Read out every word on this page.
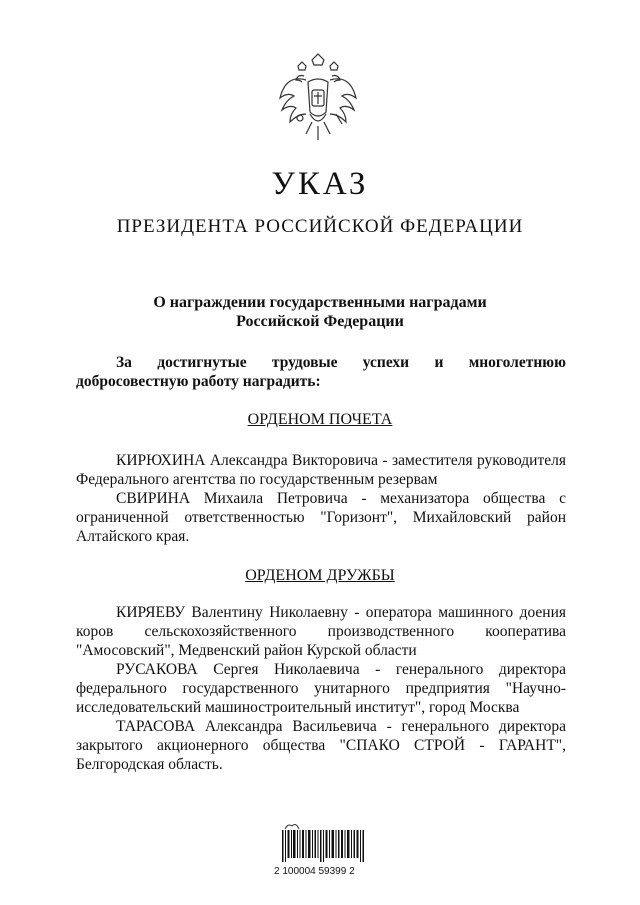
УКАЗ
ПРЕЗИДЕНТА РОССИЙСКОЙ ФЕДЕРАЦИИ
О награждении государственными наградами
Российской Федерации
За достигнутые трудовые успехи и многолетнюю
добросовестную работу наградить:
ОРДЕНОМ ПОЧЕТА

КИРЮХИНА Александра Викторовича - заместителя руководителя Федерального агентства по государственным резервам

СВИРИНА Михаила Петровича - механизатора общества с ограниченной ответственностью "Горизонт", Михайловский район Алтайского края.

ОРДЕНОМ ДРУЖБЫ

КИРЯЕВУ Валентину Николаевну - оператора машинного доения коров сельскохозяйственного производственного кооператива "Амосовский", Медвенский район Курской области

РУСАКОВА Сергея Николаевича - генерального директора федерального государственного унитарного предприятия "Научно-исследовательский машиностроительный институт", город Москва

ТАРАСОВА Александра Васильевича - генерального директора закрытого акционерного общества "СПАКО СТРОЙ - ГАРАНТ", Белгородская область.

2 100004 59399 2
